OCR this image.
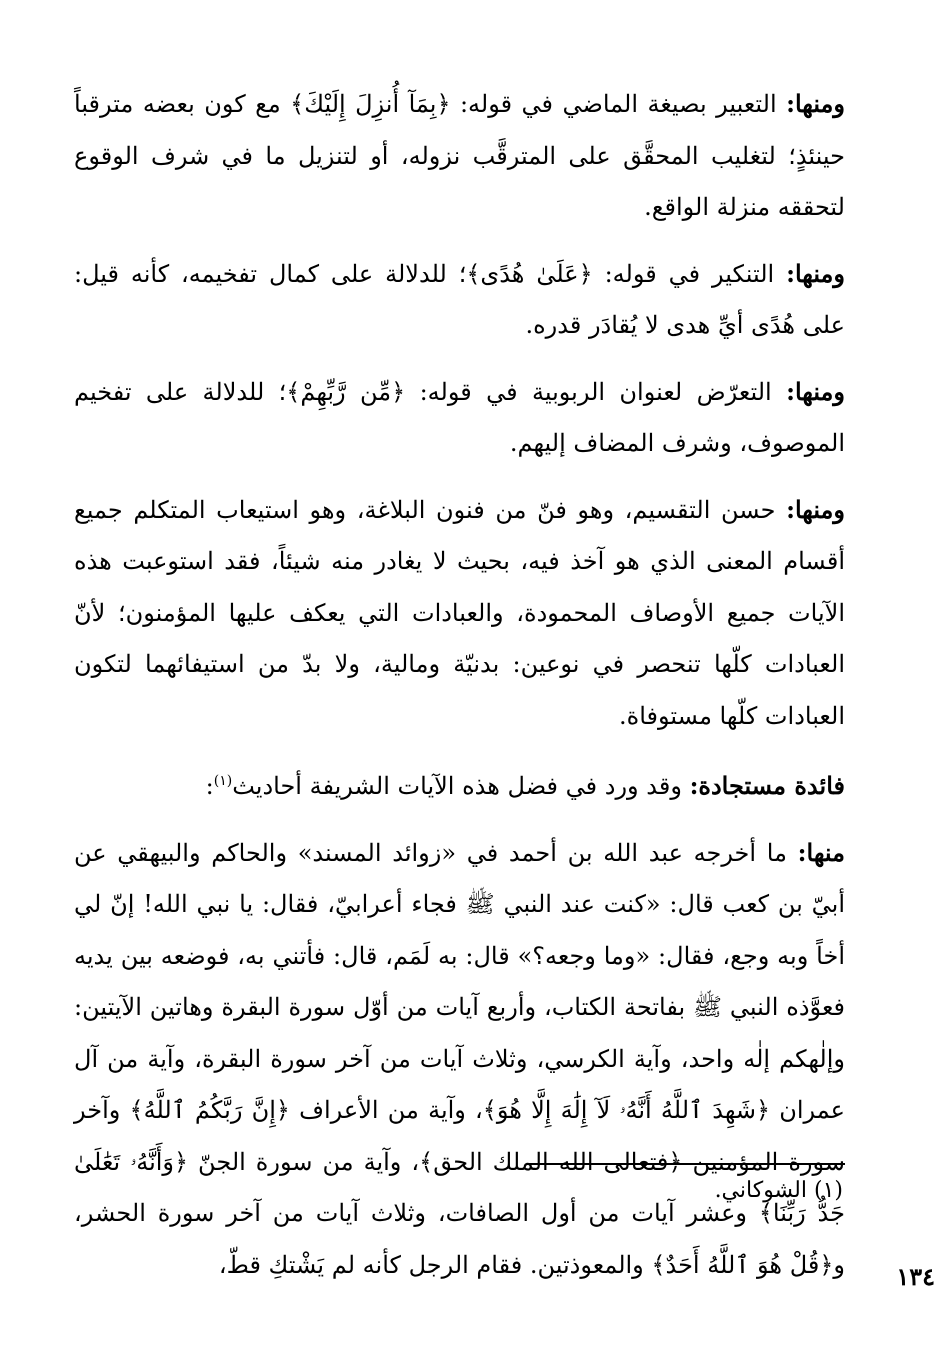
ومنها: التعبير بصيغة الماضي في قوله: ﴿بِمَآ أُنزِلَ إِلَيْكَ﴾ مع كون بعضه مترقباً حينئذٍ؛ لتغليب المحقَّق على المترقَّب نزوله، أو لتنزيل ما في شرف الوقوع لتحققه منزلة الواقع.

ومنها: التنكير في قوله: ﴿عَلَىٰ هُدًى﴾؛ للدلالة على كمال تفخيمه، كأنه قيل: على هُدًى أيِّ هدى لا يُقادَر قدره.

ومنها: التعرّض لعنوان الربوبية في قوله: ﴿مِّن رَّبِّهِمْ﴾؛ للدلالة على تفخيم الموصوف، وشرف المضاف إليهم.

ومنها: حسن التقسيم، وهو فنّ من فنون البلاغة، وهو استيعاب المتكلم جميع أقسام المعنى الذي هو آخذ فيه، بحيث لا يغادر منه شيئاً، فقد استوعبت هذه الآيات جميع الأوصاف المحمودة، والعبادات التي يعكف عليها المؤمنون؛ لأنّ العبادات كلّها تنحصر في نوعين: بدنيّة ومالية، ولا بدّ من استيفائهما لتكون العبادات كلّها مستوفاة.

فائدة مستجادة: وقد ورد في فضل هذه الآيات الشريفة أحاديث$^{(١)}$:

منها: ما أخرجه عبد الله بن أحمد في «زوائد المسند» والحاكم والبيهقي عن أبيّ بن كعب قال: «كنت عند النبي ﷺ فجاء أعرابيّ، فقال: يا نبي الله! إنّ لي أخاً وبه وجع، فقال: «وما وجعه؟» قال: به لَمَم، قال: فأتني به، فوضعه بين يديه فعوَّذه النبي ﷺ بفاتحة الكتاب، وأربع آيات من أوّل سورة البقرة وهاتين الآيتين: وإلٰهكم إلٰه واحد، وآية الكرسي، وثلاث آيات من آخر سورة البقرة، وآية من آل عمران ﴿شَهِدَ ٱللَّهُ أَنَّهُۥ لَآ إِلَٰهَ إِلَّا هُوَ﴾، وآية من الأعراف ﴿إِنَّ رَبَّكُمُ ٱللَّهُ﴾ وآخر سورة المؤمنين ﴿فتعالى الله الملك الحق﴾، وآية من سورة الجنّ ﴿وَأَنَّهُۥ تَعَٰلَىٰ جَدُّ رَبِّنَا﴾ وعشر آيات من أول الصافات، وثلاث آيات من آخر سورة الحشر، و﴿قُلْ هُوَ ٱللَّهُ أَحَدٌ﴾ والمعوذتين. فقام الرجل كأنه لم يَشْتكِ قطّ،

(١) الشوكاني.
١٣٤
